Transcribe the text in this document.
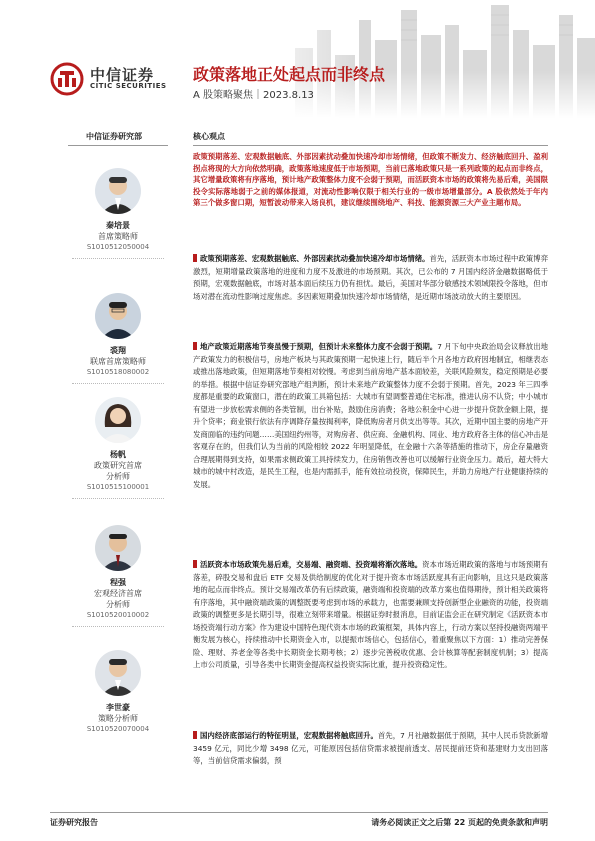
中信证券
CITIC SECURITIES
政策落地正处起点而非终点
A 股策略聚焦｜2023.8.13
中信证券研究部
秦培景
首席策略师
S1010512050004
裘翔
联席首席策略师
S1010518080002
杨帆
政策研究首席
分析师
S1010515100001
程强
宏观经济首席
分析师
S1010520010002
李世豪
策略分析师
S1010520070004
核心观点
政策预期落差、宏观数据触底、外部因素扰动叠加快速冷却市场情绪，但政策不断发力、经济触底回升、盈利拐点将现的大方向依然明确，政策落地速度低于市场预期，当前已落地政策只是一系列政策的起点而非终点，其它增量政策将有序落地，预计地产政策整体力度不会弱于预期，而活跃资本市场的政策将先易后难，美国限投令实际落地弱于之前的媒体报道，对流动性影响仅限于相关行业的一级市场增量部分。A 股依然处于年内第三个做多窗口期，短暂波动带来入场良机，建议继续围绕地产、科技、能源资源三大产业主题布局。
政策预期落差、宏观数据触底、外部因素扰动叠加快速冷却市场情绪。首先，活跃资本市场过程中政策博弈激烈，短期增量政策落地的进度和力度不及激进的市场预期。其次，已公布的 7 月国内经济金融数据略低于预期，宏观数据触底，市场对基本面后续压力仍有担忧。最后，美国对华部分敏感技术领域限投令落地，但市场对潜在流动性影响过度焦虑。多因素短期叠加快速冷却市场情绪，是近期市场波动放大的主要原因。
地产政策近期落地节奏虽慢于预期，但预计未来整体力度不会弱于预期。7 月下旬中央政治局会议释放出地产政策发力的积极信号，房地产板块与其政策预期一起快速上行，随后半个月各地方政府因地制宜，相继表态或推出落地政策，但短期落地节奏相对较慢。考虑到当前房地产基本面较差，关联风险频发，稳定预期是必要的举措。根据中信证券研究部地产组判断，预计未来地产政策整体力度不会弱于预期。首先，2023 年三四季度都是重要的政策窗口，潜在的政策工具箱包括：大城市有望调整普通住宅标准，推进认房不认贷；中小城市有望进一步放松需求侧的各类管制，出台补贴，鼓励住房消费；各地公积金中心进一步提升贷款金额上限，提升个贷率；商业银行依法有序调降存量按揭利率，降低购房者月供支出等等。其次，近期中国主要的房地产开发商面临的违约问题……美国纽约州等，对购房者、供应商、金融机构、同业、地方政府各主体的信心冲击是客观存在的，但我们认为当前的风险相较 2022 年明显降低，在金融十六条等措施的推动下，房企存量融资合理展期得到支持，如果需求侧政策工具持续发力，住房销售改善也可以缓解行业资金压力。最后，超大特大城市的城中村改造，是民生工程，也是内需抓手，能有效拉动投资，保障民生，并助力房地产行业健康持续的发展。
活跃资本市场政策先易后难，交易端、融资端、投资端将渐次落地。资本市场近期政策的落地与市场预期有落差，碎股交易和盘后 ETF 交易及供给制度的优化对于提升资本市场活跃度具有正向影响，且这只是政策落地的起点而非终点。预计交易端改革仍有后续政策，融资端和投资端的改革方案也值得期待，预计相关政策将有序落地，其中融资端政策的调整既要考虑到市场的承载力，也需要兼顾支持创新型企业融资的功能，投资端政策的调整更多是长期引导，很难立刻带来增量。根据证券时报消息，目前证监会正在研究制定《活跃资本市场投资端行动方案》作为建设中国特色现代资本市场的政策框架，具体内容上，行动方案以坚持投融资两端平衡发展为核心，持续推动中长期资金入市，以提振市场信心，包括信心，着重聚焦以下方面：1）推动完善保险、理财、养老金等各类中长期资金长期考核；2）逐步完善税收优惠、会计核算等配套制度机制；3）提高上市公司质量，引导各类中长期资金提高权益投资实际比重，提升投资稳定性。
国内经济底部运行的特征明显，宏观数据将触底回升。首先，7 月社融数据低于预期，其中人民币贷款新增 3459 亿元，同比少增 3498 亿元，可能原因包括信贷需求被提前透支、居民提前还贷和基建财力支出回落等，当前信贷需求偏弱，预
证券研究报告	请务必阅读正文之后第 22 页起的免责条款和声明
